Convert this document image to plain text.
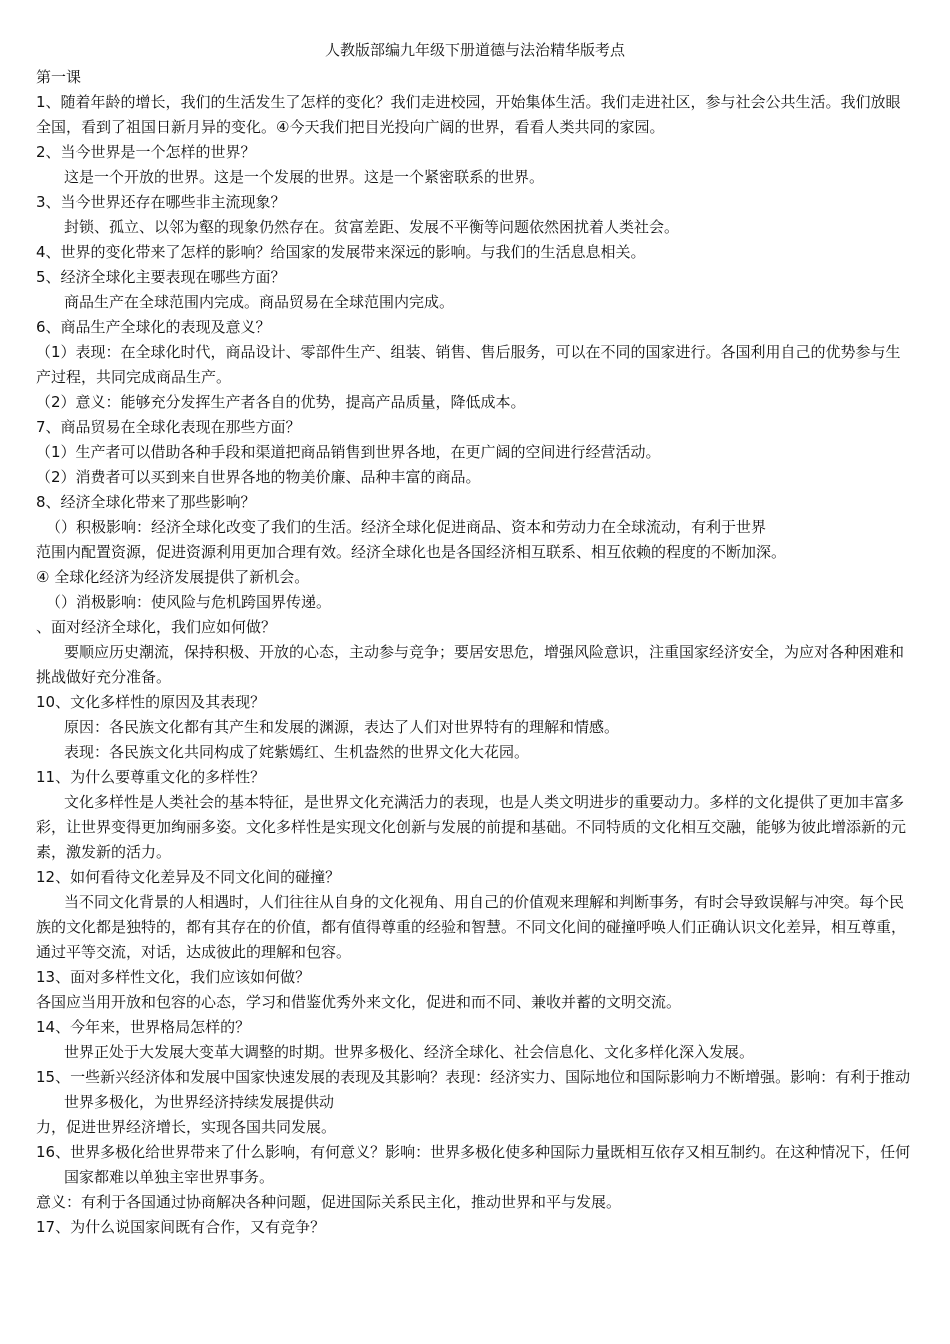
人教版部编九年级下册道德与法治精华版考点

第一课

1、随着年龄的增长，我们的生活发生了怎样的变化？我们走进校园，开始集体生活。我们走进社区，参与社会公共生活。我们放眼全国，看到了祖国日新月异的变化。④今天我们把目光投向广阔的世界，看看人类共同的家园。

2、当今世界是一个怎样的世界？

这是一个开放的世界。这是一个发展的世界。这是一个紧密联系的世界。

3、当今世界还存在哪些非主流现象？

封锁、孤立、以邻为壑的现象仍然存在。贫富差距、发展不平衡等问题依然困扰着人类社会。

4、世界的变化带来了怎样的影响？给国家的发展带来深远的影响。与我们的生活息息相关。

5、经济全球化主要表现在哪些方面？

商品生产在全球范围内完成。商品贸易在全球范围内完成。

6、商品生产全球化的表现及意义？

（1）表现：在全球化时代，商品设计、零部件生产、组装、销售、售后服务，可以在不同的国家进行。各国利用自己的优势参与生产过程，共同完成商品生产。

（2）意义：能够充分发挥生产者各自的优势，提高产品质量，降低成本。

7、商品贸易在全球化表现在那些方面？

（1）生产者可以借助各种手段和渠道把商品销售到世界各地，在更广阔的空间进行经营活动。

（2）消费者可以买到来自世界各地的物美价廉、品种丰富的商品。

8、经济全球化带来了那些影响？

（）积极影响：经济全球化改变了我们的生活。经济全球化促进商品、资本和劳动力在全球流动，有利于世界

范围内配置资源，促进资源利用更加合理有效。经济全球化也是各国经济相互联系、相互依赖的程度的不断加深。

④ 全球化经济为经济发展提供了新机会。

（）消极影响：使风险与危机跨国界传递。

、面对经济全球化，我们应如何做？

要顺应历史潮流，保持积极、开放的心态，主动参与竞争；要居安思危，增强风险意识，注重国家经济安全，为应对各种困难和挑战做好充分准备。

10、文化多样性的原因及其表现？

原因：各民族文化都有其产生和发展的渊源，表达了人们对世界特有的理解和情感。

表现：各民族文化共同构成了姹紫嫣红、生机盎然的世界文化大花园。

11、为什么要尊重文化的多样性？

文化多样性是人类社会的基本特征，是世界文化充满活力的表现，也是人类文明进步的重要动力。多样的文化提供了更加丰富多彩，让世界变得更加绚丽多姿。文化多样性是实现文化创新与发展的前提和基础。不同特质的文化相互交融，能够为彼此增添新的元素，激发新的活力。

12、如何看待文化差异及不同文化间的碰撞？

当不同文化背景的人相遇时，人们往往从自身的文化视角、用自己的价值观来理解和判断事务，有时会导致误解与冲突。每个民族的文化都是独特的，都有其存在的价值，都有值得尊重的经验和智慧。不同文化间的碰撞呼唤人们正确认识文化差异，相互尊重，通过平等交流，对话，达成彼此的理解和包容。

13、面对多样性文化，我们应该如何做？

各国应当用开放和包容的心态，学习和借鉴优秀外来文化，促进和而不同、兼收并蓄的文明交流。

14、今年来，世界格局怎样的？

世界正处于大发展大变革大调整的时期。世界多极化、经济全球化、社会信息化、文化多样化深入发展。

15、一些新兴经济体和发展中国家快速发展的表现及其影响？表现：经济实力、国际地位和国际影响力不断增强。影响：有利于推动世界多极化，为世界经济持续发展提供动

力，促进世界经济增长，实现各国共同发展。

16、世界多极化给世界带来了什么影响，有何意义？影响：世界多极化使多种国际力量既相互依存又相互制约。在这种情况下，任何国家都难以单独主宰世界事务。

意义：有利于各国通过协商解决各种问题，促进国际关系民主化，推动世界和平与发展。

17、为什么说国家间既有合作，又有竞争？
